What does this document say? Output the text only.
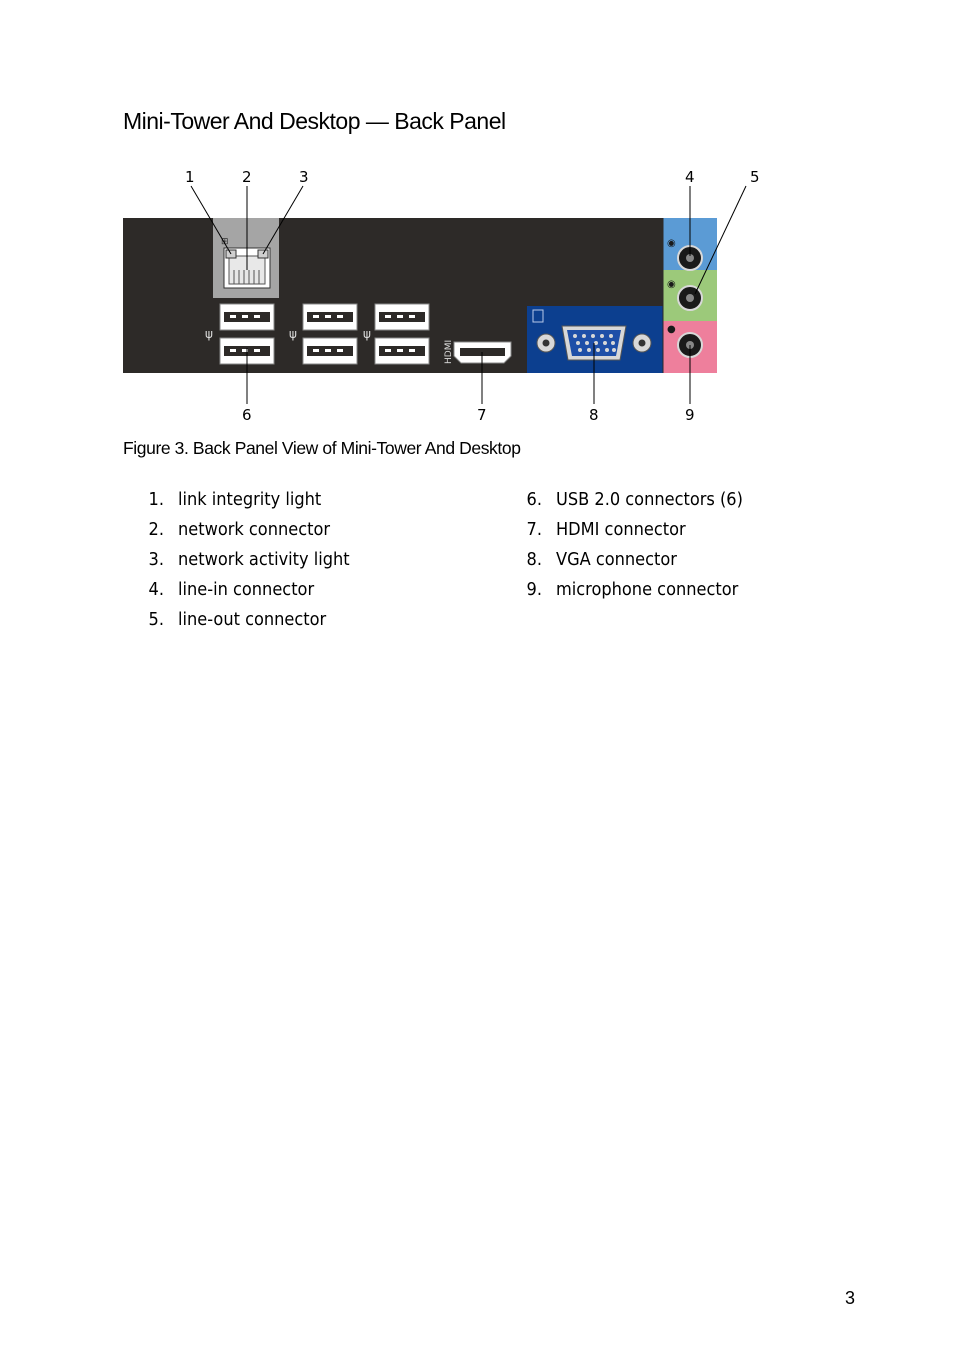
Mini-Tower And Desktop — Back Panel
⊞
ψ	ψ	ψ
HDMI
◉
◉
●
1	2	3	4	5
6	7	8	9

Figure 3. Back Panel View of Mini-Tower And Desktop

1. link integrity light
2. network connector
3. network activity light
4. line-in connector
5. line-out connector
6. USB 2.0 connectors (6)
7. HDMI connector
8. VGA connector
9. microphone connector
3
